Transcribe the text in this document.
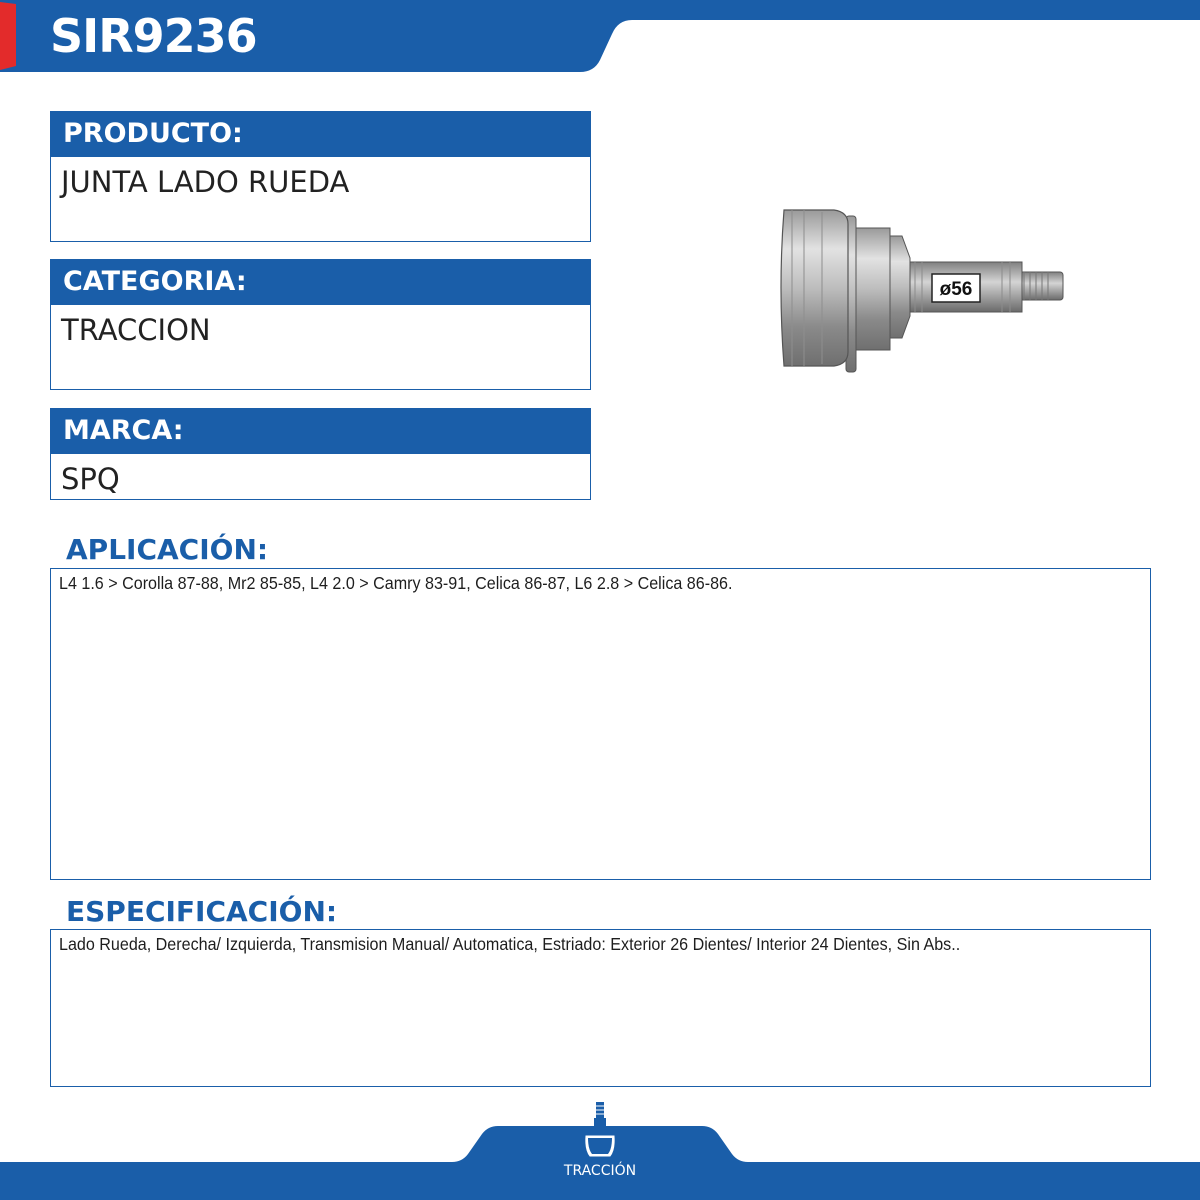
SIR9236
PRODUCTO:
JUNTA LADO RUEDA
CATEGORIA:
TRACCION
MARCA:
SPQ
ø56
APLICACIÓN:
L4 1.6 > Corolla 87-88, Mr2 85-85, L4 2.0 > Camry 83-91, Celica 86-87, L6 2.8 > Celica 86-86.
ESPECIFICACIÓN:
Lado Rueda, Derecha/ Izquierda, Transmision Manual/ Automatica, Estriado: Exterior 26 Dientes/ Interior 24 Dientes, Sin Abs..
TRACCIÓN
